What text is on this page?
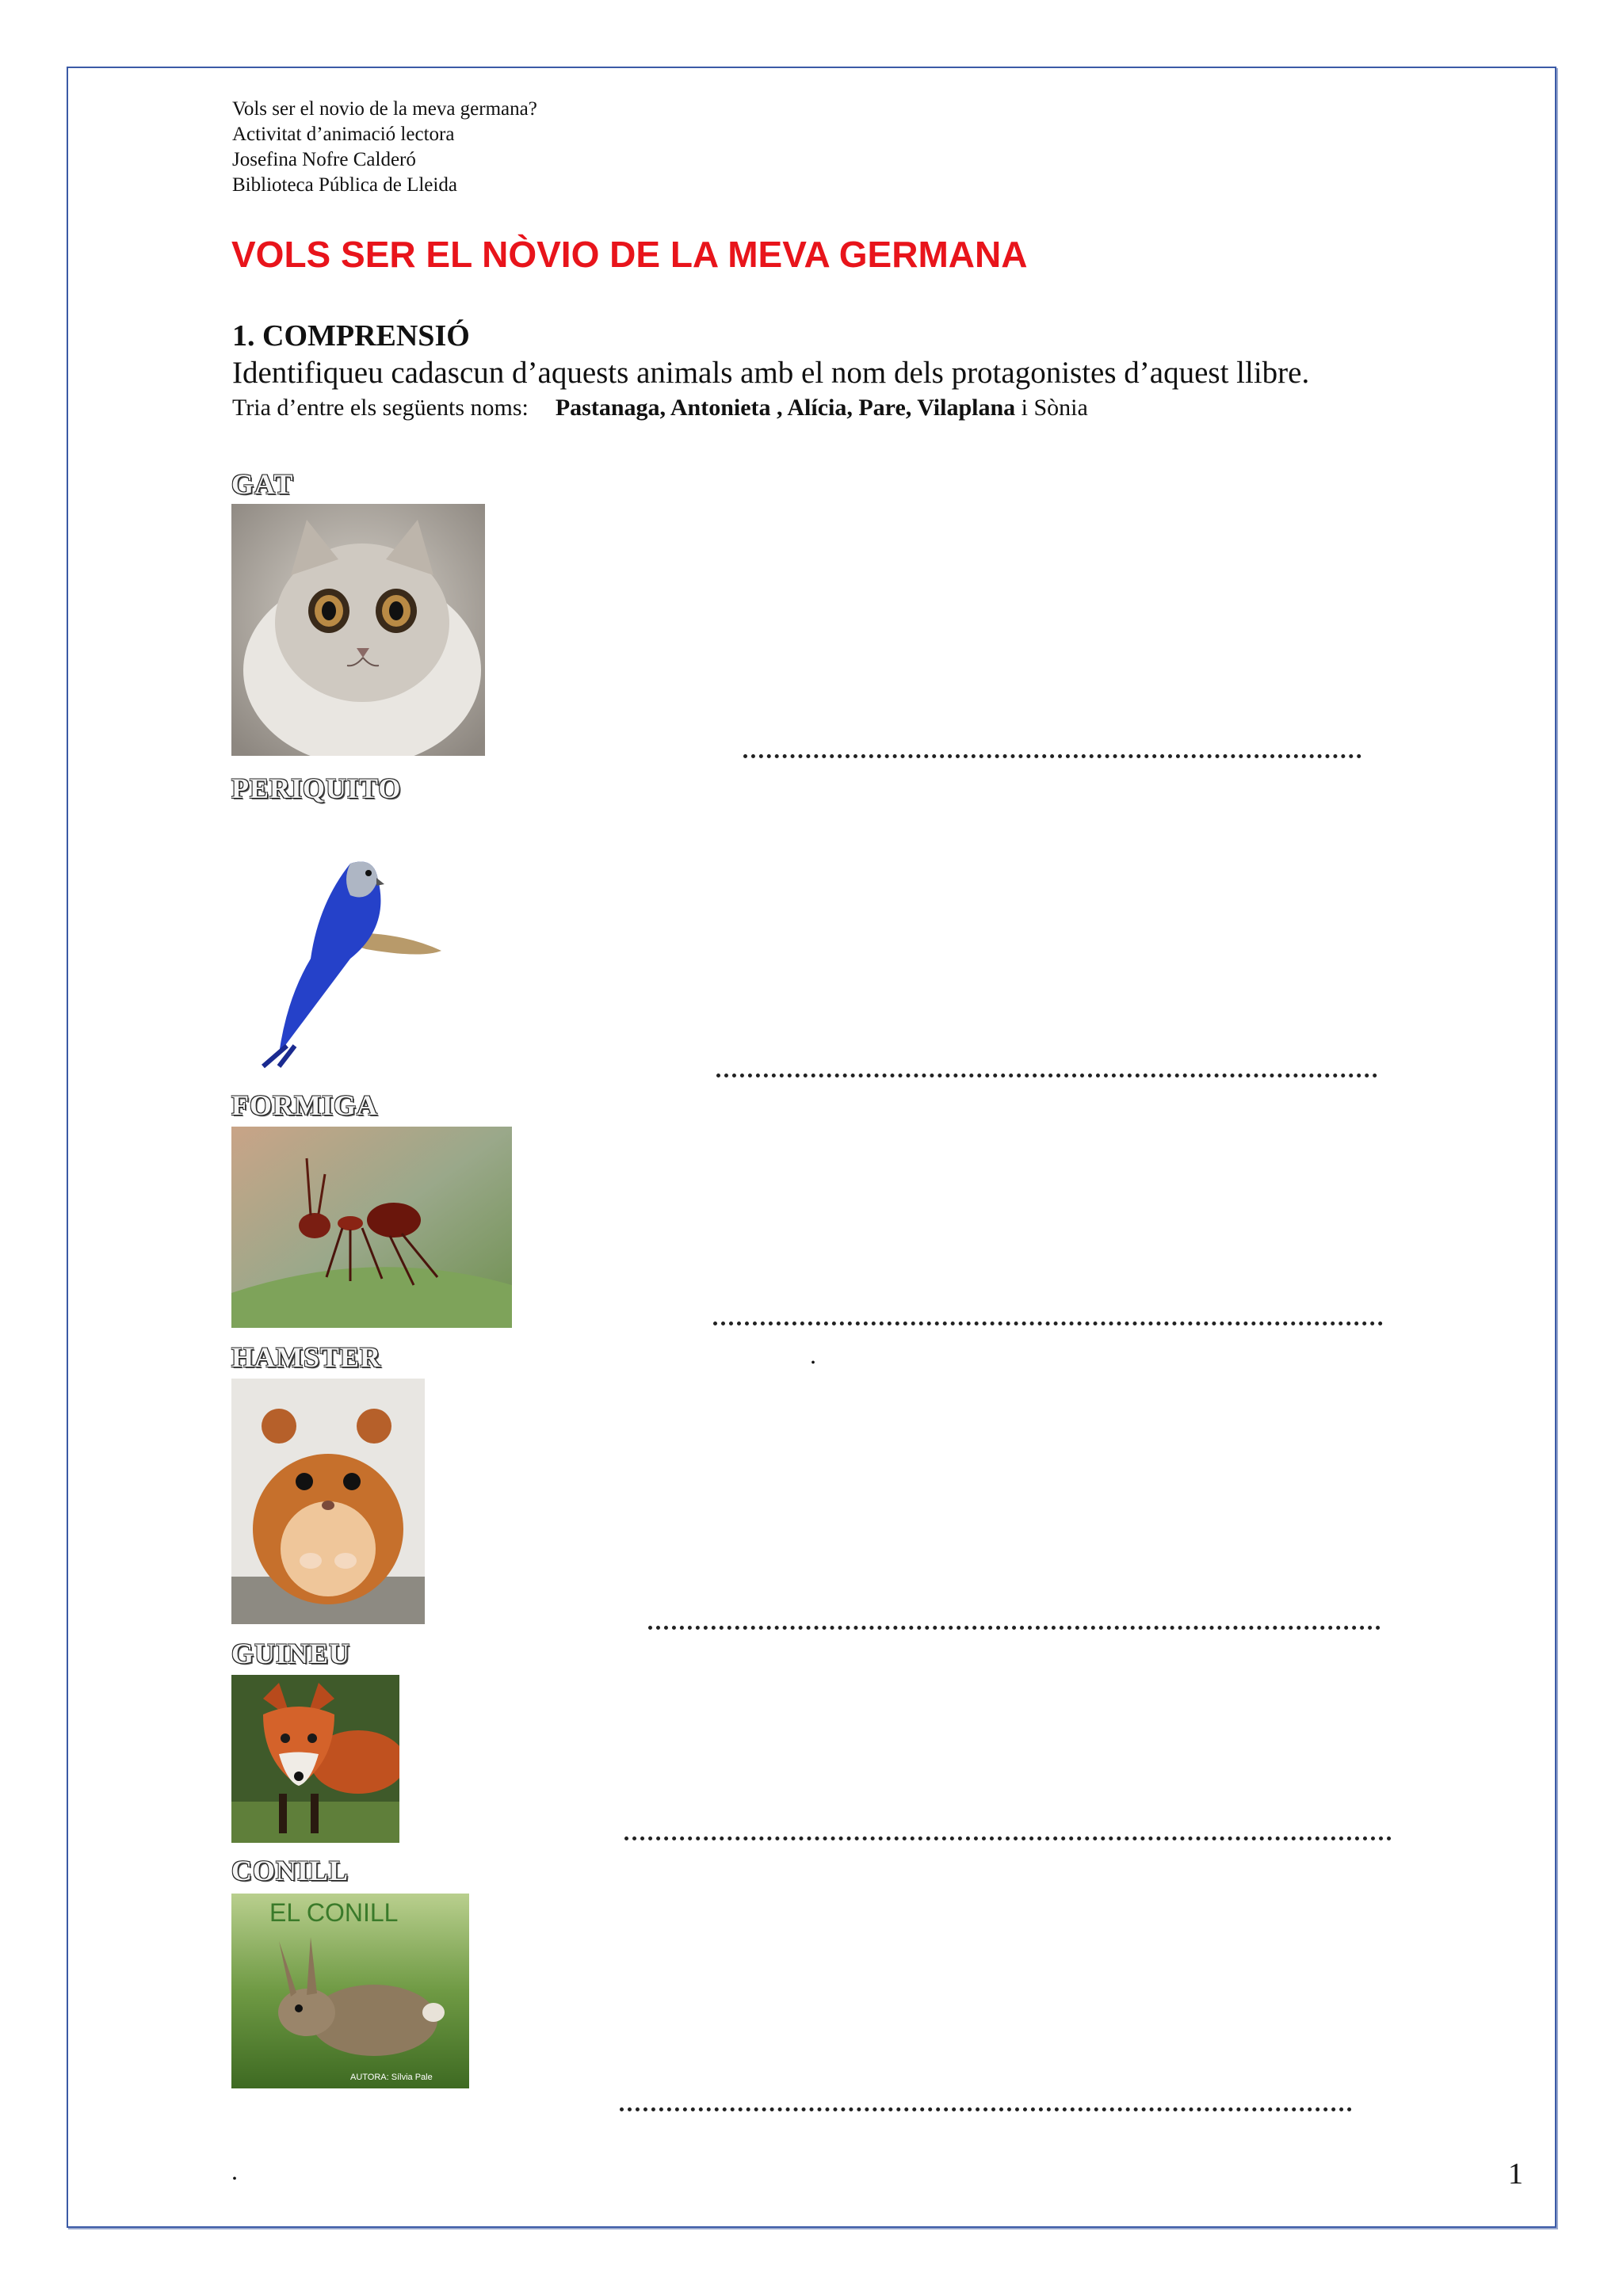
Vols ser el novio de la meva germana?
Activitat d’animació lectora
Josefina Nofre Calderó
Biblioteca Pública de Lleida
VOLS SER EL NÒVIO DE LA MEVA GERMANA
1. COMPRENSIÓ

Identifiqueu cadascun d’aquests animals amb el nom dels protagonistes d’aquest llibre.

Tria d’entre els següents noms: Pastanaga, Antonieta , Alícia, Pare, Vilaplana i Sònia

GAT
PERIQUITO
FORMIGA
HAMSTER	.
GUINEU
CONILL
EL CONILL
AUTORA: Sílvia Pale
.	1
